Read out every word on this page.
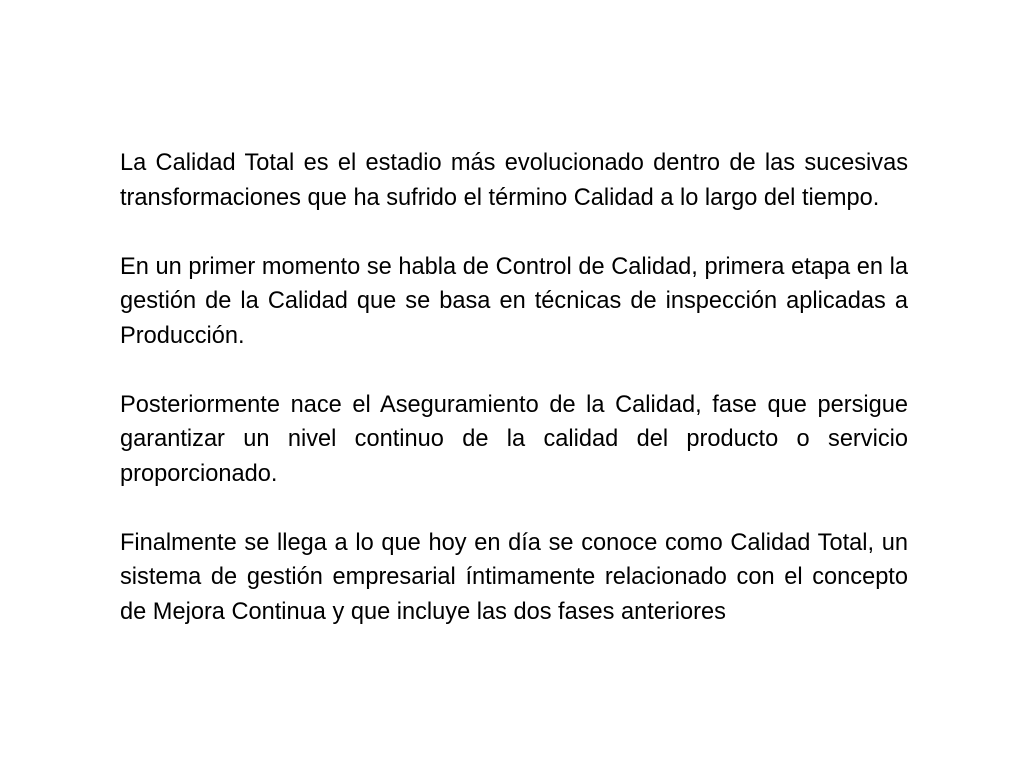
La Calidad Total es el estadio más evolucionado dentro de las sucesivas transformaciones que ha sufrido el término Calidad a lo largo del tiempo.

En un primer momento se habla de Control de Calidad, primera etapa en la gestión de la Calidad que se basa en técnicas de inspección aplicadas a Producción.

Posteriormente nace el Aseguramiento de la Calidad, fase que persigue garantizar un nivel continuo de la calidad del producto o servicio proporcionado.

Finalmente se llega a lo que hoy en día se conoce como Calidad Total, un sistema de gestión empresarial íntimamente relacionado con el concepto de Mejora Continua y que incluye las dos fases anteriores
